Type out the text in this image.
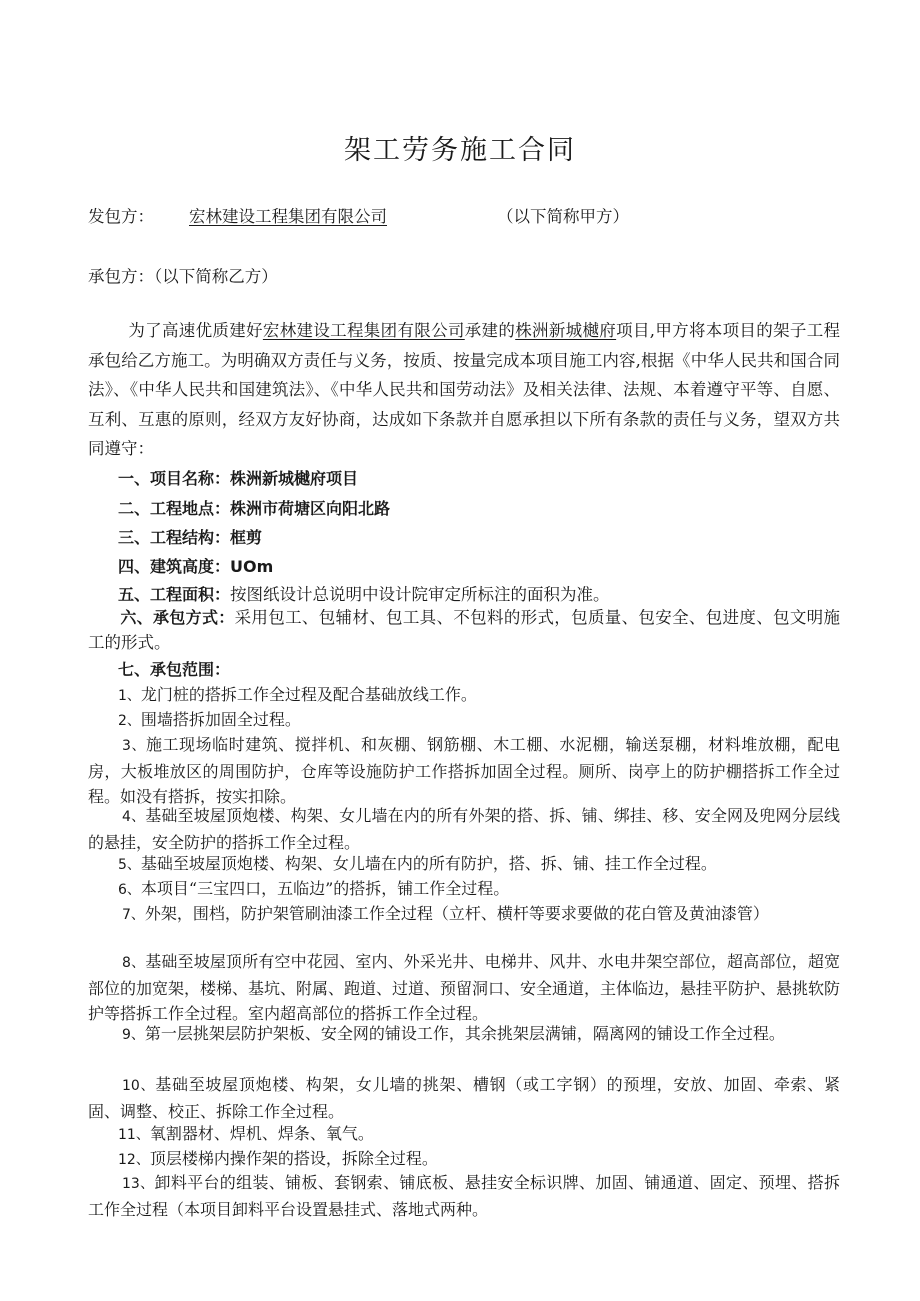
架工劳务施工合同
发包方： 宏林建设工程集团有限公司	（以下简称甲方）
承包方：（以下简称乙方）
为了高速优质建好宏林建设工程集团有限公司承建的株洲新城樾府项目,甲方将本项目的架子工程承包给乙方施工。为明确双方责任与义务，按质、按量完成本项目施工内容,根据《中华人民共和国合同法》、《中华人民共和国建筑法》、《中华人民共和国劳动法》及相关法律、法规、本着遵守平等、自愿、互利、互惠的原则，经双方友好协商，达成如下条款并自愿承担以下所有条款的责任与义务，望双方共同遵守：
一、项目名称：株洲新城樾府项目
二、工程地点：株洲市荷塘区向阳北路
三、工程结构：框剪
四、建筑高度：UOm
五、工程面积：按图纸设计总说明中设计院审定所标注的面积为准。
六、承包方式：采用包工、包辅材、包工具、不包料的形式，包质量、包安全、包进度、包文明施工的形式。
七、承包范围：
1、龙门桩的搭拆工作全过程及配合基础放线工作。
2、围墙搭拆加固全过程。
3、施工现场临时建筑、搅拌机、和灰棚、钢筋棚、木工棚、水泥棚，输送泵棚，材料堆放棚，配电房，大板堆放区的周围防护，仓库等设施防护工作搭拆加固全过程。厕所、岗亭上的防护棚搭拆工作全过程。如没有搭拆，按实扣除。
4、基础至坡屋顶炮楼、构架、女儿墙在内的所有外架的搭、拆、铺、绑挂、移、安全网及兜网分层线的悬挂，安全防护的搭拆工作全过程。
5、基础至坡屋顶炮楼、构架、女儿墙在内的所有防护，搭、拆、铺、挂工作全过程。
6、本项目“三宝四口，五临边”的搭拆，铺工作全过程。
7、外架，围档，防护架管刷油漆工作全过程（立杆、横杆等要求要做的花白管及黄油漆管）
8、基础至坡屋顶所有空中花园、室内、外采光井、电梯井、风井、水电井架空部位，超高部位，超宽部位的加宽架，楼梯、基坑、附属、跑道、过道、预留洞口、安全通道，主体临边，悬挂平防护、悬挑软防护等搭拆工作全过程。室内超高部位的搭拆工作全过程。
9、第一层挑架层防护架板、安全网的铺设工作，其余挑架层满铺，隔离网的铺设工作全过程。
10、基础至坡屋顶炮楼、构架，女儿墙的挑架、槽钢（或工字钢）的预埋，安放、加固、牵索、紧固、调整、校正、拆除工作全过程。
11、氧割器材、焊机、焊条、氧气。
12、顶层楼梯内操作架的搭设，拆除全过程。
13、卸料平台的组装、铺板、套钢索、铺底板、悬挂安全标识牌、加固、铺通道、固定、预埋、搭拆工作全过程（本项目卸料平台设置悬挂式、落地式两种。
